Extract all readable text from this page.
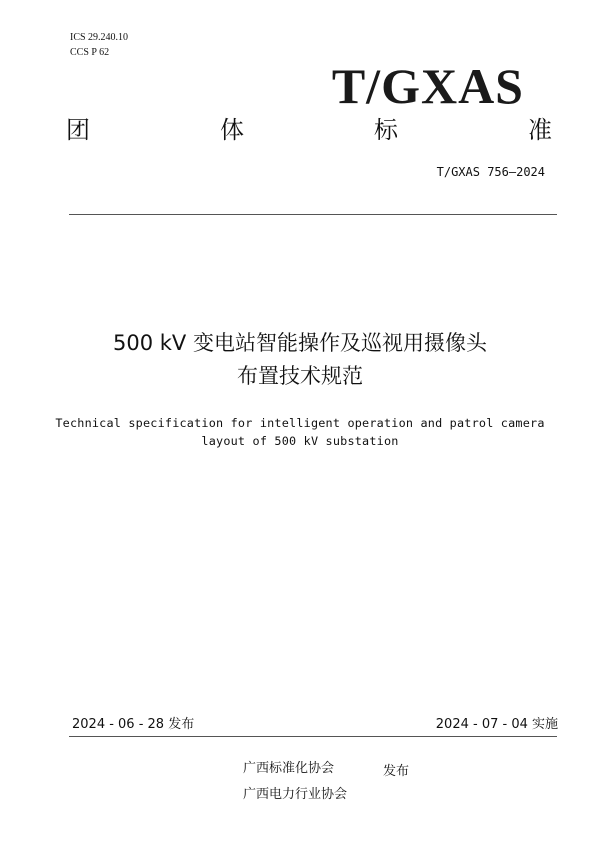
ICS 29.240.10
CCS P 62
T/GXAS
团	体	标	准
T/GXAS 756—2024
500 kV 变电站智能操作及巡视用摄像头
布置技术规范
Technical specification for intelligent operation and patrol camera
layout of 500 kV substation
2024 - 06 - 28 发布	2024 - 07 - 04 实施
广西标准化协会
广西电力行业协会
发布
